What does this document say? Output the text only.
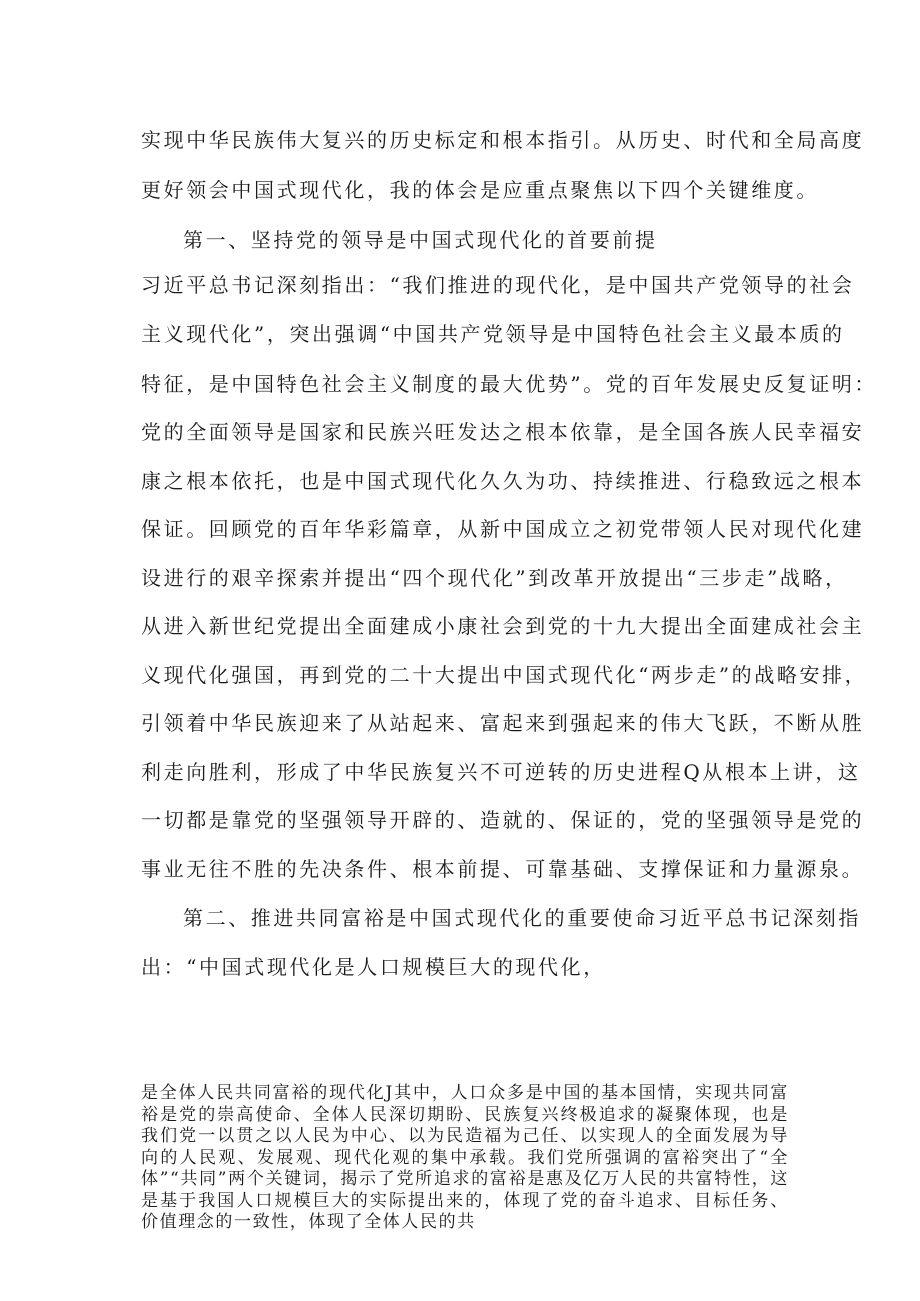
实现中华民族伟大复兴的历史标定和根本指引。从历史、时代和全局高度
更好领会中国式现代化，我的体会是应重点聚焦以下四个关键维度。
第一、坚持党的领导是中国式现代化的首要前提
习近平总书记深刻指出：“我们推进的现代化，是中国共产党领导的社会
主义现代化”，突出强调“中国共产党领导是中国特色社会主义最本质的
特征，是中国特色社会主义制度的最大优势”。党的百年发展史反复证明：
党的全面领导是国家和民族兴旺发达之根本依靠，是全国各族人民幸福安
康之根本依托，也是中国式现代化久久为功、持续推进、行稳致远之根本
保证。回顾党的百年华彩篇章，从新中国成立之初党带领人民对现代化建
设进行的艰辛探索并提出“四个现代化”到改革开放提出“三步走”战略，
从进入新世纪党提出全面建成小康社会到党的十九大提出全面建成社会主
义现代化强国，再到党的二十大提出中国式现代化“两步走”的战略安排，
引领着中华民族迎来了从站起来、富起来到强起来的伟大飞跃，不断从胜
利走向胜利，形成了中华民族复兴不可逆转的历史进程Q从根本上讲，这
一切都是靠党的坚强领导开辟的、造就的、保证的，党的坚强领导是党的
事业无往不胜的先决条件、根本前提、可靠基础、支撑保证和力量源泉。
第二、推进共同富裕是中国式现代化的重要使命习近平总书记深刻指
出：“中国式现代化是人口规模巨大的现代化，
是全体人民共同富裕的现代化J其中，人口众多是中国的基本国情，实现共同富裕是党的崇高使命、全体人民深切期盼、民族复兴终极追求的凝聚体现，也是我们党一以贯之以人民为中心、以为民造福为己任、以实现人的全面发展为导向的人民观、发展观、现代化观的集中承载。我们党所强调的富裕突出了“全体”“共同”两个关键词，揭示了党所追求的富裕是惠及亿万人民的共富特性，这是基于我国人口规模巨大的实际提出来的，体现了党的奋斗追求、目标任务、价值理念的一致性，体现了全体人民的共
